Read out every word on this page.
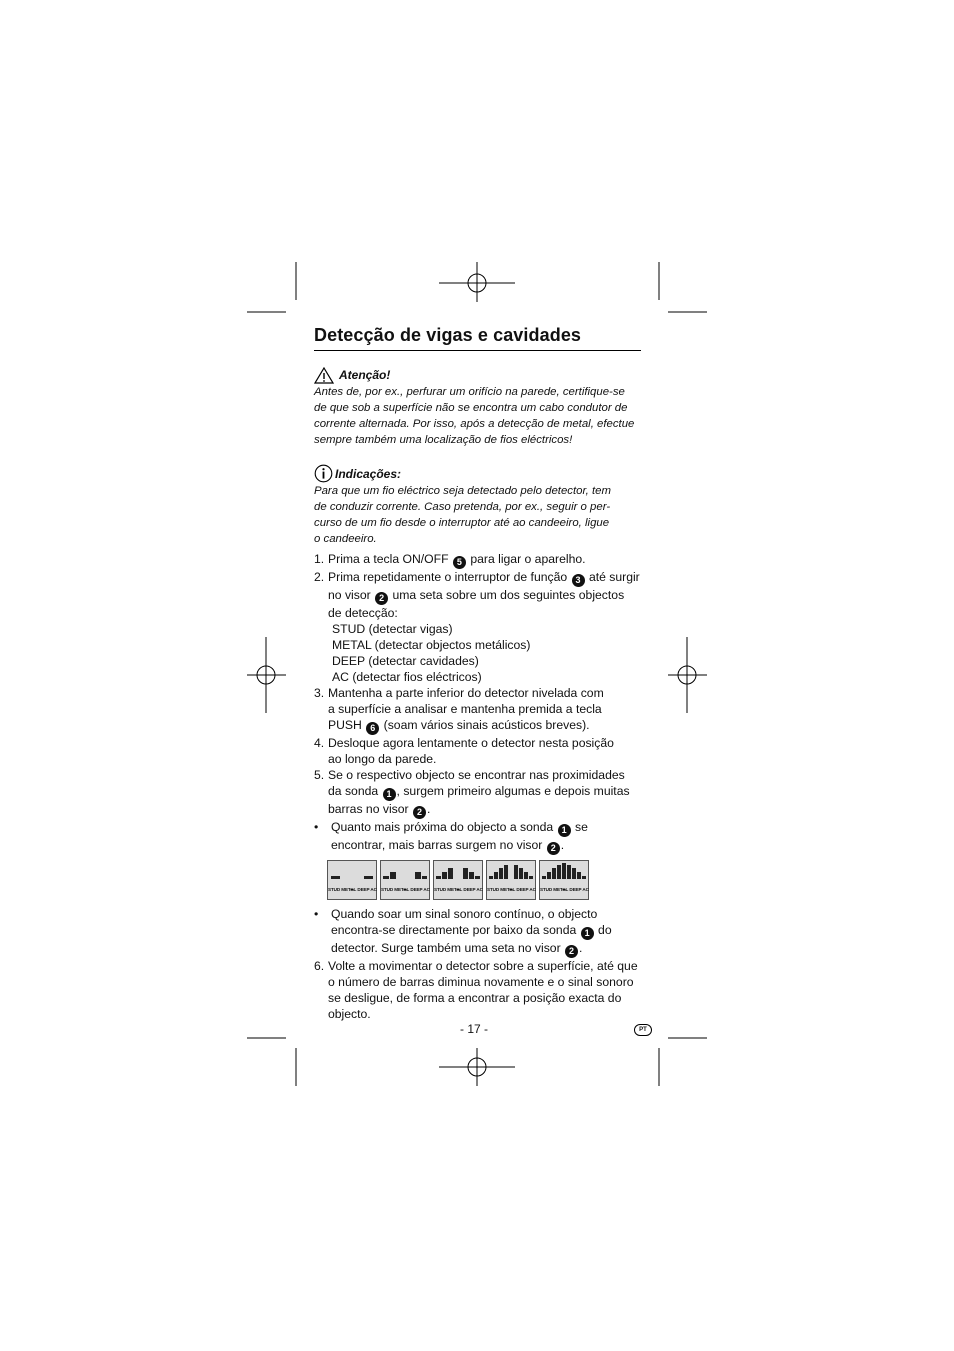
Detecção de vigas e cavidades
Atenção!
Antes de, por ex., perfurar um orifício na parede, certifique-se
de que sob a superfície não se encontra um cabo condutor de
corrente alternada. Por isso, após a detecção de metal, efectue
sempre também uma localização de fios eléctricos!
Indicações:
Para que um fio eléctrico seja detectado pelo detector, tem
de conduzir corrente. Caso pretenda, por ex., seguir o per-
curso de um fio desde o interruptor até ao candeeiro, ligue
o candeeiro.
1. Prima a tecla ON/OFF 5 para ligar o aparelho.
2. Prima repetidamente o interruptor de função 3 até surgir
no visor 2 uma seta sobre um dos seguintes objectos
de detecção:
STUD (detectar vigas)
METAL (detectar objectos metálicos)
DEEP (detectar cavidades)
AC (detectar fios eléctricos)
3. Mantenha a parte inferior do detector nivelada com
a superfície a analisar e mantenha premida a tecla
PUSH 6 (soam vários sinais acústicos breves).
4. Desloque agora lentamente o detector nesta posição
ao longo da parede.
5. Se o respectivo objecto se encontrar nas proximidades
da sonda 1 , surgem primeiro algumas e depois muitas
barras no visor 2 .
•	Quanto mais próxima do objecto a sonda 1 se
encontrar, mais barras surgem no visor 2 .
STUD METAL DEEP AC STUD METAL DEEP AC STUD METAL DEEP AC STUD METAL DEEP AC STUD METAL DEEP AC
•	Quando soar um sinal sonoro contínuo, o objecto
encontra-se directamente por baixo da sonda 1 do
detector. Surge também uma seta no visor 2 .
6. Volte a movimentar o detector sobre a superfície, até que
o número de barras diminua novamente e o sinal sonoro
se desligue, de forma a encontrar a posição exacta do
objecto.
- 17 -	PT
